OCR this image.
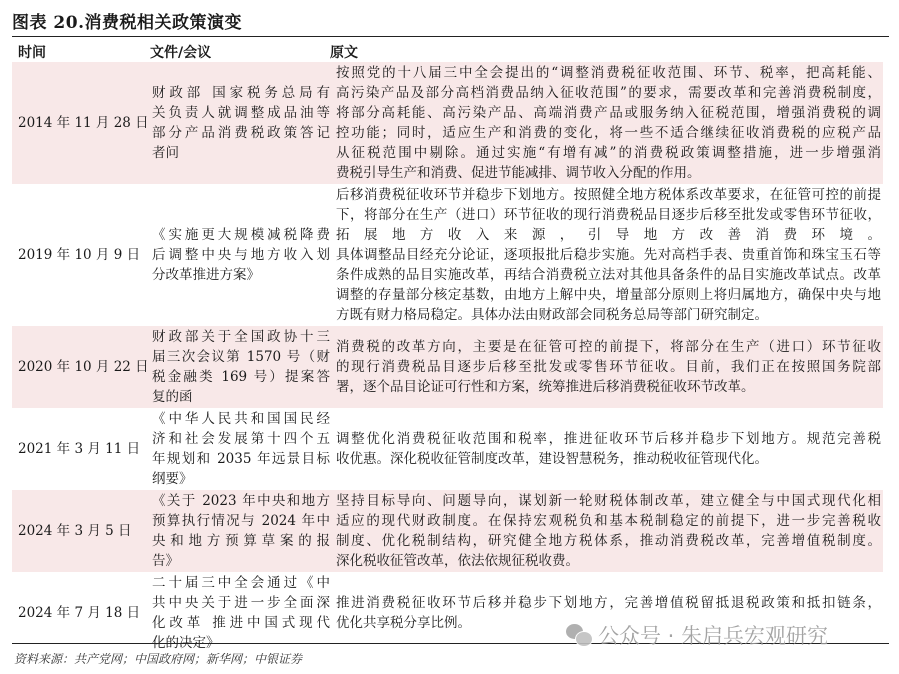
图表 20.消费税相关政策演变
时间	文件/会议	原文
2014 年 11 月 28 日
财政部 国家税务总局有
关负责人就调整成品油等
部分产品消费税政策答记
者问
按照党的十八届三中全会提出的“调整消费税征收范围、环节、税率，把高耗能、
高污染产品及部分高档消费品纳入征收范围”的要求，需要改革和完善消费税制度，
将部分高耗能、高污染产品、高端消费产品或服务纳入征税范围，增强消费税的调
控功能；同时，适应生产和消费的变化，将一些不适合继续征收消费税的应税产品
从征税范围中剔除。通过实施“有增有减”的消费税政策调整措施，进一步增强消
费税引导生产和消费、促进节能减排、调节收入分配的作用。
2019 年 10 月 9 日
《实施更大规模减税降费
后调整中央与地方收入划
分改革推进方案》
后移消费税征收环节并稳步下划地方。按照健全地方税体系改革要求，在征管可控的前提
下，将部分在生产（进口）环节征收的现行消费税品目逐步后移至批发或零售环节征收，
拓展地方收入来源，引导地方改善消费环境。
具体调整品目经充分论证，逐项报批后稳步实施。先对高档手表、贵重首饰和珠宝玉石等
条件成熟的品目实施改革，再结合消费税立法对其他具备条件的品目实施改革试点。改革
调整的存量部分核定基数，由地方上解中央，增量部分原则上将归属地方，确保中央与地
方既有财力格局稳定。具体办法由财政部会同税务总局等部门研究制定。
2020 年 10 月 22 日
财政部关于全国政协十三
届三次会议第 1570 号（财
税金融类 169 号）提案答
复的函
消费税的改革方向，主要是在征管可控的前提下，将部分在生产（进口）环节征收
的现行消费税品目逐步后移至批发或零售环节征收。目前，我们正在按照国务院部
署，逐个品目论证可行性和方案，统筹推进后移消费税征收环节改革。
2021 年 3 月 11 日
《中华人民共和国国民经
济和社会发展第十四个五
年规划和 2035 年远景目标
纲要》
调整优化消费税征收范围和税率，推进征收环节后移并稳步下划地方。规范完善税
收优惠。深化税收征管制度改革，建设智慧税务，推动税收征管现代化。
2024 年 3 月 5 日
《关于 2023 年中央和地方
预算执行情况与 2024 年中
央和地方预算草案的报
告》
坚持目标导向、问题导向，谋划新一轮财税体制改革，建立健全与中国式现代化相
适应的现代财政制度。在保持宏观税负和基本税制稳定的前提下，进一步完善税收
制度、优化税制结构，研究健全地方税体系，推动消费税改革，完善增值税制度。
深化税收征管改革，依法依规征税收费。
2024 年 7 月 18 日
二十届三中全会通过《中
共中央关于进一步全面深
化改革 推进中国式现代
化的决定》
推进消费税征收环节后移并稳步下划地方，完善增值税留抵退税政策和抵扣链条，
优化共享税分享比例。
资料来源：共产党网；中国政府网；新华网；中银证券
公众号 · 朱启兵宏观研究
